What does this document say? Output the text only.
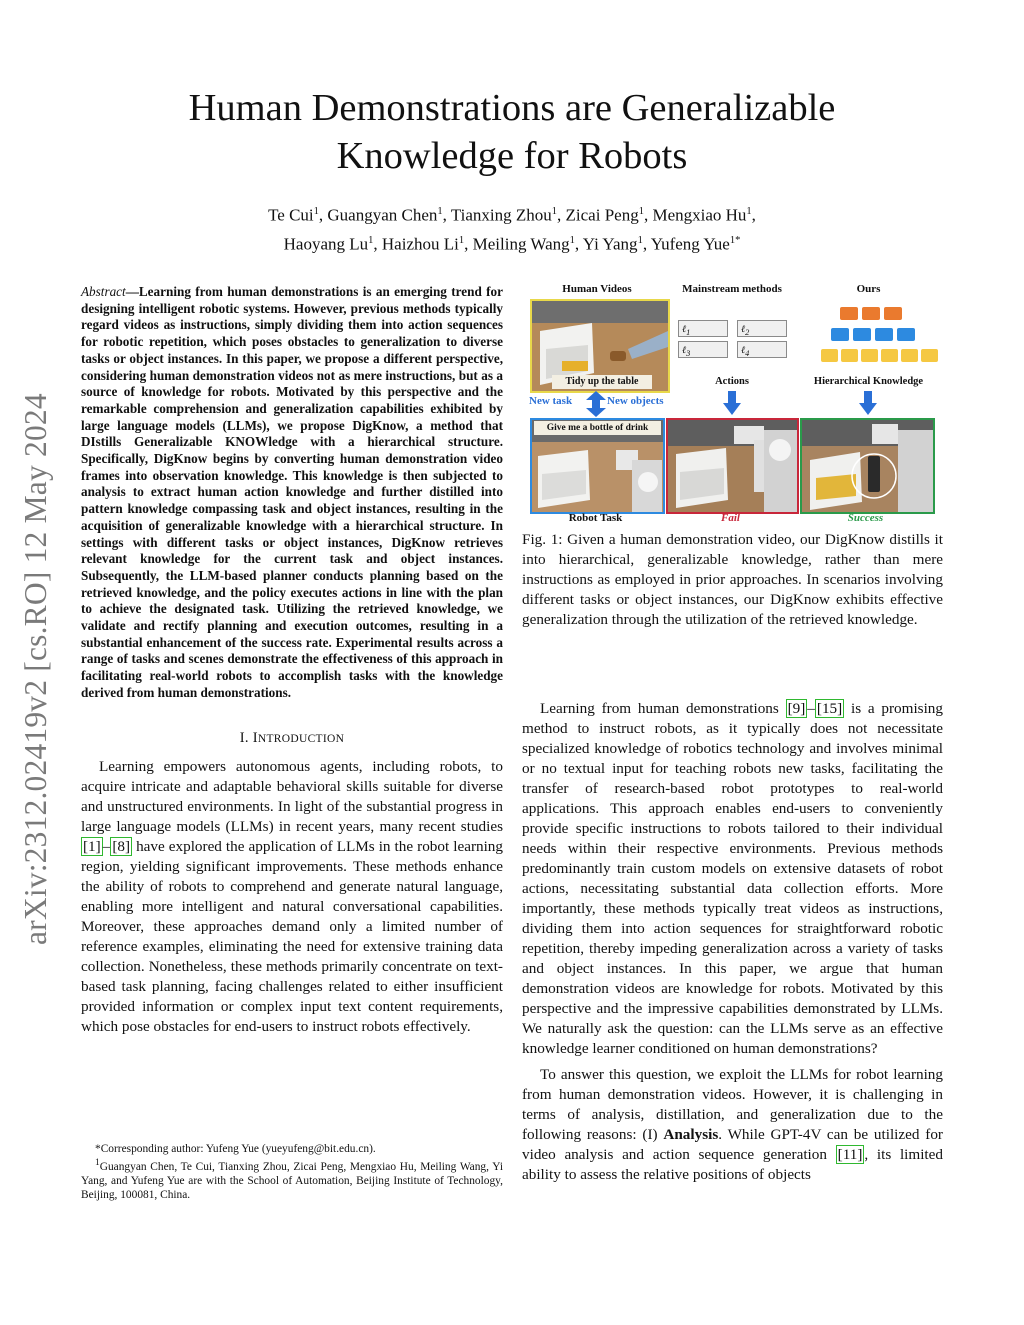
arXiv:2312.02419v2 [cs.RO] 12 May 2024
Human Demonstrations are Generalizable
Knowledge for Robots
Te Cui$^1$, Guangyan Chen$^1$, Tianxing Zhou$^1$, Zicai Peng$^1$, Mengxiao Hu$^1$,
Haoyang Lu$^1$, Haizhou Li$^1$, Meiling Wang$^1$, Yi Yang$^1$, Yufeng Yue$^{1*}$

Abstract—Learning from human demonstrations is an emerging trend for designing intelligent robotic systems. However, previous methods typically regard videos as instructions, simply dividing them into action sequences for robotic repetition, which poses obstacles to generalization to diverse tasks or object instances. In this paper, we propose a different perspective, considering human demonstration videos not as mere instructions, but as a source of knowledge for robots. Motivated by this perspective and the remarkable comprehension and generalization capabilities exhibited by large language models (LLMs), we propose DigKnow, a method that DIstills Generalizable KNOWledge with a hierarchical structure. Specifically, DigKnow begins by converting human demonstration video frames into observation knowledge. This knowledge is then subjected to analysis to extract human action knowledge and further distilled into pattern knowledge compassing task and object instances, resulting in the acquisition of generalizable knowledge with a hierarchical structure. In settings with different tasks or object instances, DigKnow retrieves relevant knowledge for the current task and object instances. Subsequently, the LLM-based planner conducts planning based on the retrieved knowledge, and the policy executes actions in line with the plan to achieve the designated task. Utilizing the retrieved knowledge, we validate and rectify planning and execution outcomes, resulting in a substantial enhancement of the success rate. Experimental results across a range of tasks and scenes demonstrate the effectiveness of this approach in facilitating real-world robots to accomplish tasks with the knowledge derived from human demonstrations.

I. INTRODUCTION

Learning empowers autonomous agents, including robots, to acquire intricate and adaptable behavioral skills suitable for diverse and unstructured environments. In light of the substantial progress in large language models (LLMs) in recent years, many recent studies [1] – [8] have explored the application of LLMs in the robot learning region, yielding significant improvements. These methods enhance the ability of robots to comprehend and generate natural language, enabling more intelligent and natural conversational capabilities. Moreover, these approaches demand only a limited number of reference examples, eliminating the need for extensive training data collection. Nonetheless, these methods primarily concentrate on text-based task planning, facing challenges related to either insufficient provided information or complex input text content requirements, which pose obstacles for end-users to instruct robots effectively.

*Corresponding author: Yufeng Yue (yueyufeng@bit.edu.cn).

$^1$Guangyan Chen, Te Cui, Tianxing Zhou, Zicai Peng, Mengxiao Hu, Meiling Wang, Yi Yang, and Yufeng Yue are with the School of Automation, Beijing Institute of Technology, Beijing, 100081, China.

Human Videos	Mainstream methods	Ours
Tidy up the table
New task	New objects
ℓ$_1$	ℓ$_2$
ℓ$_3$	ℓ$_4$
Actions	Hierarchical Knowledge
Give me a bottle of drink
Robot Task	Fail	Success

Fig. 1: Given a human demonstration video, our DigKnow distills it into hierarchical, generalizable knowledge, rather than mere instructions as employed in prior approaches. In scenarios involving different tasks or object instances, our DigKnow exhibits effective generalization through the utilization of the retrieved knowledge.

Learning from human demonstrations [9] – [15] is a promising method to instruct robots, as it typically does not necessitate specialized knowledge of robotics technology and involves minimal or no textual input for teaching robots new tasks, facilitating the transfer of research-based robot prototypes to real-world applications. This approach enables end-users to conveniently provide specific instructions to robots tailored to their individual needs within their respective environments. Previous methods predominantly train custom models on extensive datasets of robot actions, necessitating substantial data collection efforts. More importantly, these methods typically treat videos as instructions, dividing them into action sequences for straightforward robotic repetition, thereby impeding generalization across a variety of tasks and object instances. In this paper, we argue that human demonstration videos are knowledge for robots. Motivated by this perspective and the impressive capabilities demonstrated by LLMs. We naturally ask the question: can the LLMs serve as an effective knowledge learner conditioned on human demonstrations?

To answer this question, we exploit the LLMs for robot learning from human demonstration videos. However, it is challenging in terms of analysis, distillation, and generalization due to the following reasons: (I) Analysis. While GPT-4V can be utilized for video analysis and action sequence generation [11] , its limited ability to assess the relative positions of objects
